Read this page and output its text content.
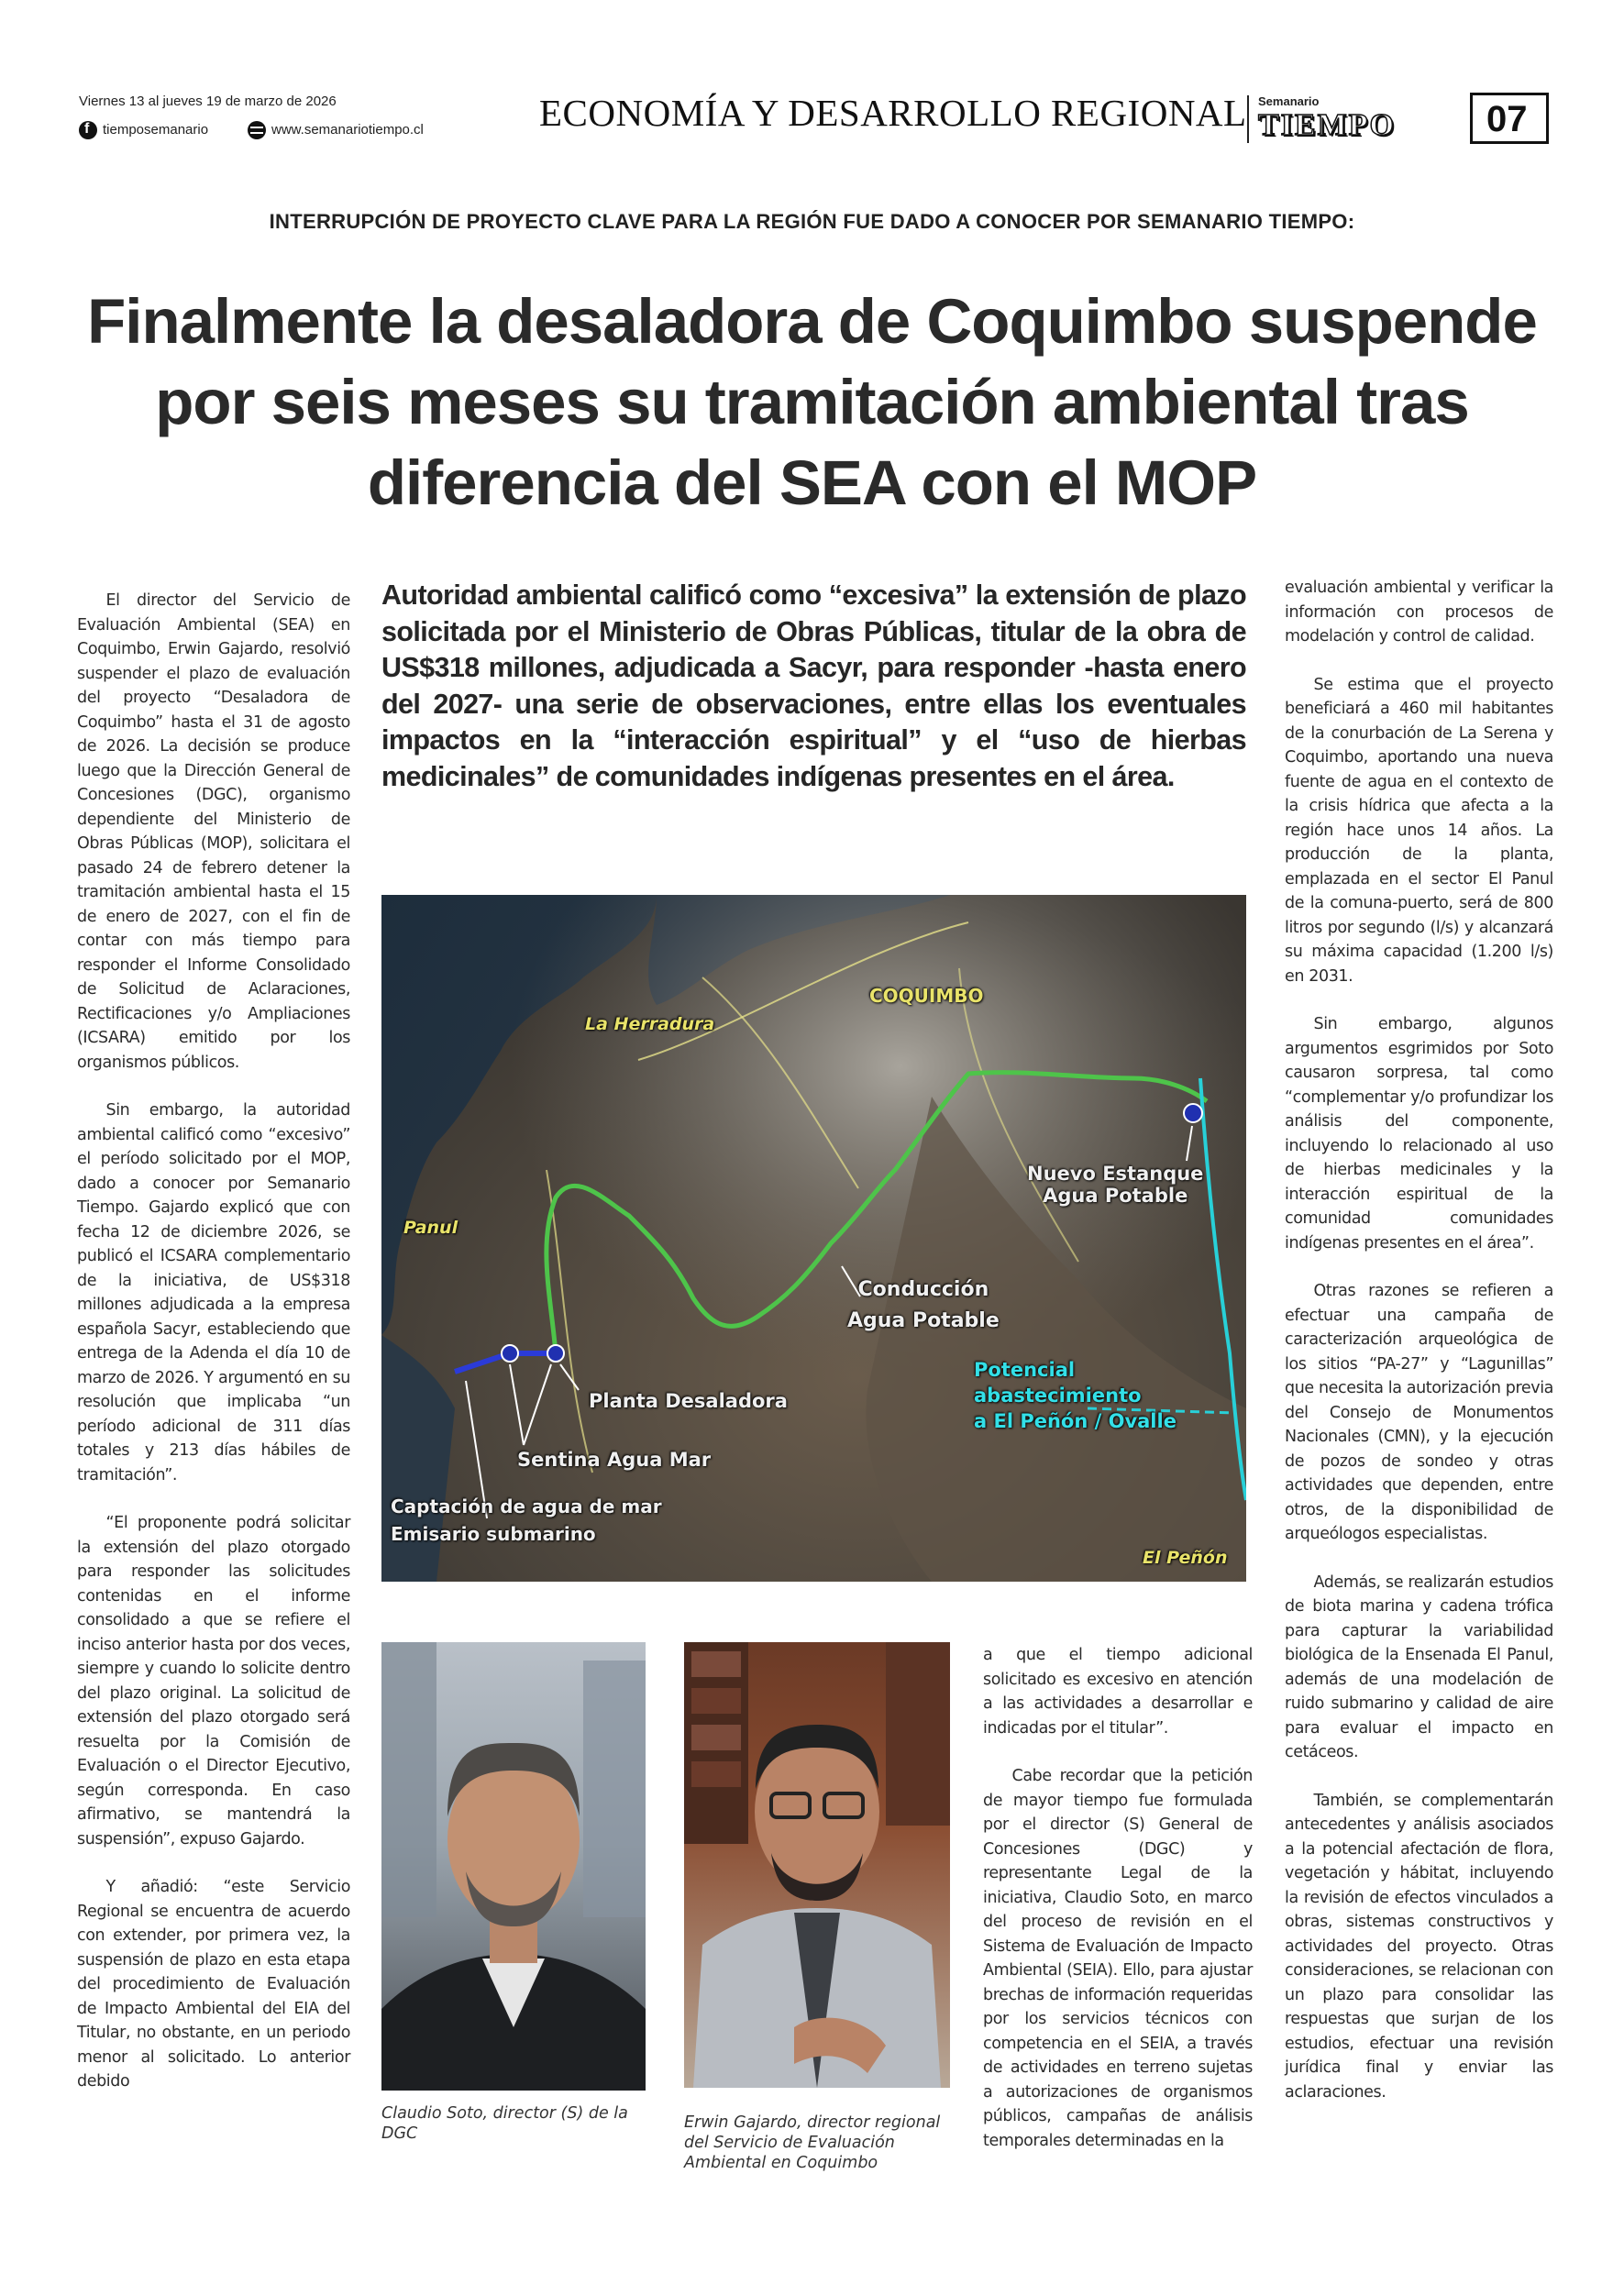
Viernes 13 al jueves 19 de marzo de 2026
f tiemposemanario	www.semanariotiempo.cl	ECONOMÍA Y DESARROLLO REGIONAL Semanario
TIEMPO 07
INTERRUPCIÓN DE PROYECTO CLAVE PARA LA REGIÓN FUE DADO A CONOCER POR SEMANARIO TIEMPO:
Finalmente la desaladora de Coquimbo suspende
por seis meses su tramitación ambiental tras
diferencia del SEA con el MOP
Autoridad ambiental calificó como “excesiva” la extensión de plazo solicitada por el Ministerio de Obras Públicas, titular de la obra de US$318 millones, adjudicada a Sacyr, para responder -hasta enero del 2027- una serie de observaciones, entre ellas los eventuales impactos en la “interacción espiritual” y el “uso de hierbas medicinales” de comunidades indígenas presentes en el área.

El director del Servicio de Evaluación Ambiental (SEA) en Coquimbo, Erwin Gajardo, resolvió suspender el plazo de evaluación del proyecto “Desaladora de Coquimbo” hasta el 31 de agosto de 2026. La decisión se produce luego que la Dirección General de Concesiones (DGC), organismo dependiente del Ministerio de Obras Públicas (MOP), solicitara el pasado 24 de febrero detener la tramitación ambiental hasta el 15 de enero de 2027, con el fin de contar con más tiempo para responder el Informe Consolidado de Solicitud de Aclaraciones, Rectificaciones y/o Ampliaciones (ICSARA) emitido por los organismos públicos.

Sin embargo, la autoridad ambiental calificó como “excesivo” el período solicitado por el MOP, dado a conocer por Semanario Tiempo. Gajardo explicó que con fecha 12 de diciembre 2026, se publicó el ICSARA complementario de la iniciativa, de US$318 millones adjudicada a la empresa española Sacyr, estableciendo que entrega de la Adenda el día 10 de marzo de 2026. Y argumentó en su resolución que implicaba “un período adicional de 311 días totales y 213 días hábiles de tramitación”.

“El proponente podrá solicitar la extensión del plazo otorgado para responder las solicitudes contenidas en el informe consolidado a que se refiere el inciso anterior hasta por dos veces, siempre y cuando lo solicite dentro del plazo original. La solicitud de extensión del plazo otorgado será resuelta por la Comisión de Evaluación o el Director Ejecutivo, según corresponda. En caso afirmativo, se mantendrá la suspensión”, expuso Gajardo.

Y añadió: “este Servicio Regional se encuentra de acuerdo con extender, por primera vez, la suspensión de plazo en esta etapa del procedimiento de Evaluación de Impacto Ambiental del EIA del Titular, no obstante, en un periodo menor al solicitado. Lo anterior debido

COQUIMBO
La Herradura
Panul
Nuevo Estanque
Agua Potable
Conducción
Agua Potable
Potencial
abastecimiento
a El Peñón / Ovalle
Planta Desaladora
Sentina Agua Mar
Captación de agua de mar
Emisario submarino
El Peñón
Claudio Soto, director (S) de la DGC
Erwin Gajardo, director regional del Servicio de Evaluación Ambiental en Coquimbo

a que el tiempo adicional solicitado es excesivo en atención a las actividades a desarrollar e indicadas por el titular”.

Cabe recordar que la petición de mayor tiempo fue formulada por el director (S) General de Concesiones (DGC) y representante Legal de la iniciativa, Claudio Soto, en marco del proceso de revisión en el Sistema de Evaluación de Impacto Ambiental (SEIA). Ello, para ajustar brechas de información requeridas por los servicios técnicos con competencia en el SEIA, a través de actividades en terreno sujetas a autorizaciones de organismos públicos, campañas de análisis temporales determinadas en la

evaluación ambiental y verificar la información con procesos de modelación y control de calidad.

Se estima que el proyecto beneficiará a 460 mil habitantes de la conurbación de La Serena y Coquimbo, aportando una nueva fuente de agua en el contexto de la crisis hídrica que afecta a la región hace unos 14 años. La producción de la planta, emplazada en el sector El Panul de la comuna-puerto, será de 800 litros por segundo (l/s) y alcanzará su máxima capacidad (1.200 l/s) en 2031.

Sin embargo, algunos argumentos esgrimidos por Soto causaron sorpresa, tal como “complementar y/o profundizar los análisis del componente, incluyendo lo relacionado al uso de hierbas medicinales y la interacción espiritual de la comunidad comunidades indígenas presentes en el área”.

Otras razones se refieren a efectuar una campaña de caracterización arqueológica de los sitios “PA-27” y “Lagunillas” que necesita la autorización previa del Consejo de Monumentos Nacionales (CMN), y la ejecución de pozos de sondeo y otras actividades que dependen, entre otros, de la disponibilidad de arqueólogos especialistas.

Además, se realizarán estudios de biota marina y cadena trófica para capturar la variabilidad biológica de la Ensenada El Panul, además de una modelación de ruido submarino y calidad de aire para evaluar el impacto en cetáceos.

También, se complementarán antecedentes y análisis asociados a la potencial afectación de flora, vegetación y hábitat, incluyendo la revisión de efectos vinculados a obras, sistemas constructivos y actividades del proyecto. Otras consideraciones, se relacionan con un plazo para consolidar las respuestas que surjan de los estudios, efectuar una revisión jurídica final y enviar las aclaraciones.
